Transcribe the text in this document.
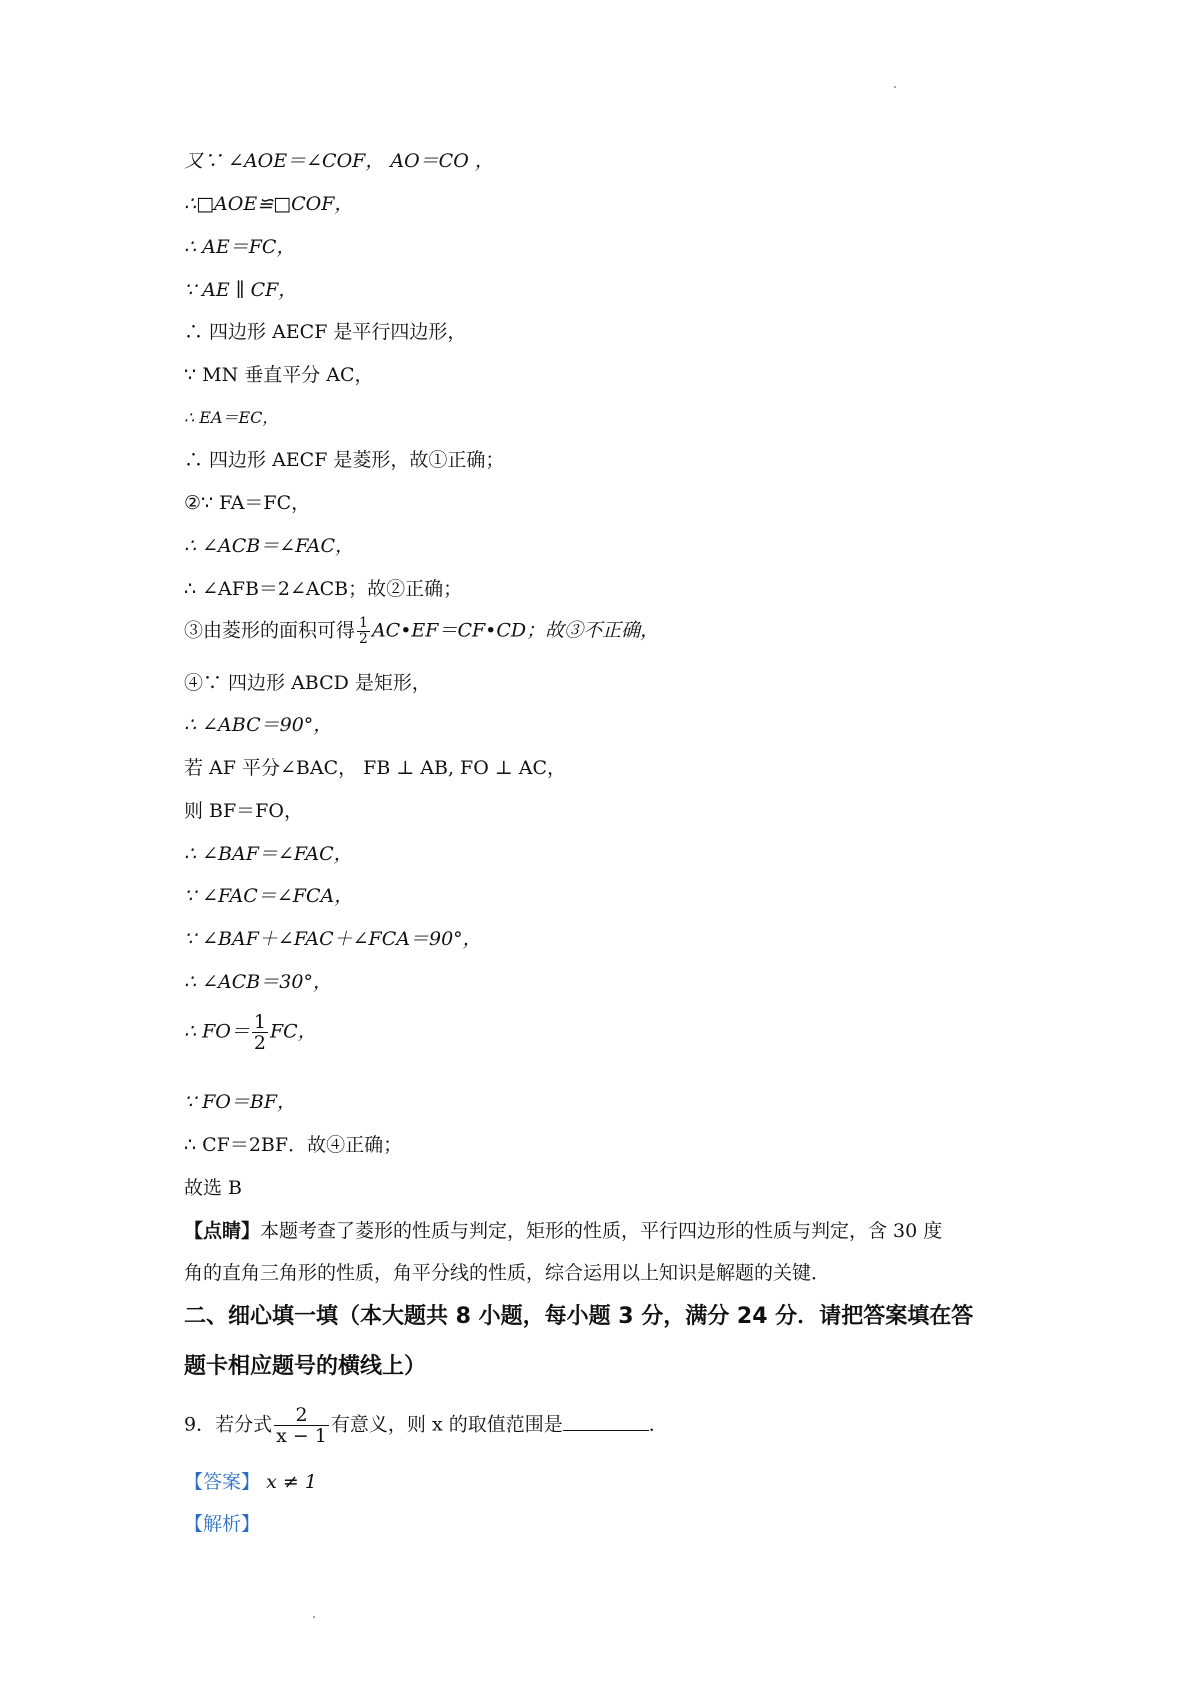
又∵ ∠AOE＝∠COF， AO＝CO ，
∴□AOE≌□COF，
∴ AE＝FC，
∵ AE ∥ CF，
∴ 四边形 AECF 是平行四边形，
∵ MN 垂直平分 AC，
∴ EA＝EC，
∴ 四边形 AECF 是菱形，故①正确；
②∵ FA＝FC，
∴ ∠ACB＝∠FAC，
∴ ∠AFB＝2∠ACB；故②正确；
③由菱形的面积可得 $\frac{1}{2}$ AC•EF＝CF•CD；故③不正确，
④∵ 四边形 ABCD 是矩形，
∴ ∠ABC＝90°，
若 AF 平分∠BAC， FB ⊥ AB, FO ⊥ AC，
则 BF＝FO，
∴ ∠BAF＝∠FAC，
∵ ∠FAC＝∠FCA，
∵ ∠BAF＋∠FAC＋∠FCA＝90°，
∴ ∠ACB＝30°，
∴ $FO= \frac{1}{2}$ FC，
∵ FO＝BF，
∴ CF＝2BF．故④正确；
故选 B
【点睛】本题考查了菱形的性质与判定，矩形的性质，平行四边形的性质与判定，含 30 度
角的直角三角形的性质，角平分线的性质，综合运用以上知识是解题的关键．
二、细心填一填（本大题共 8 小题，每小题 3 分，满分 24 分．请把答案填在答
题卡相应题号的横线上）
9．若分式 $\frac{2}{x - 1}$ 有意义，则 x 的取值范围是	．
【答案】 x ≠ 1
【解析】
